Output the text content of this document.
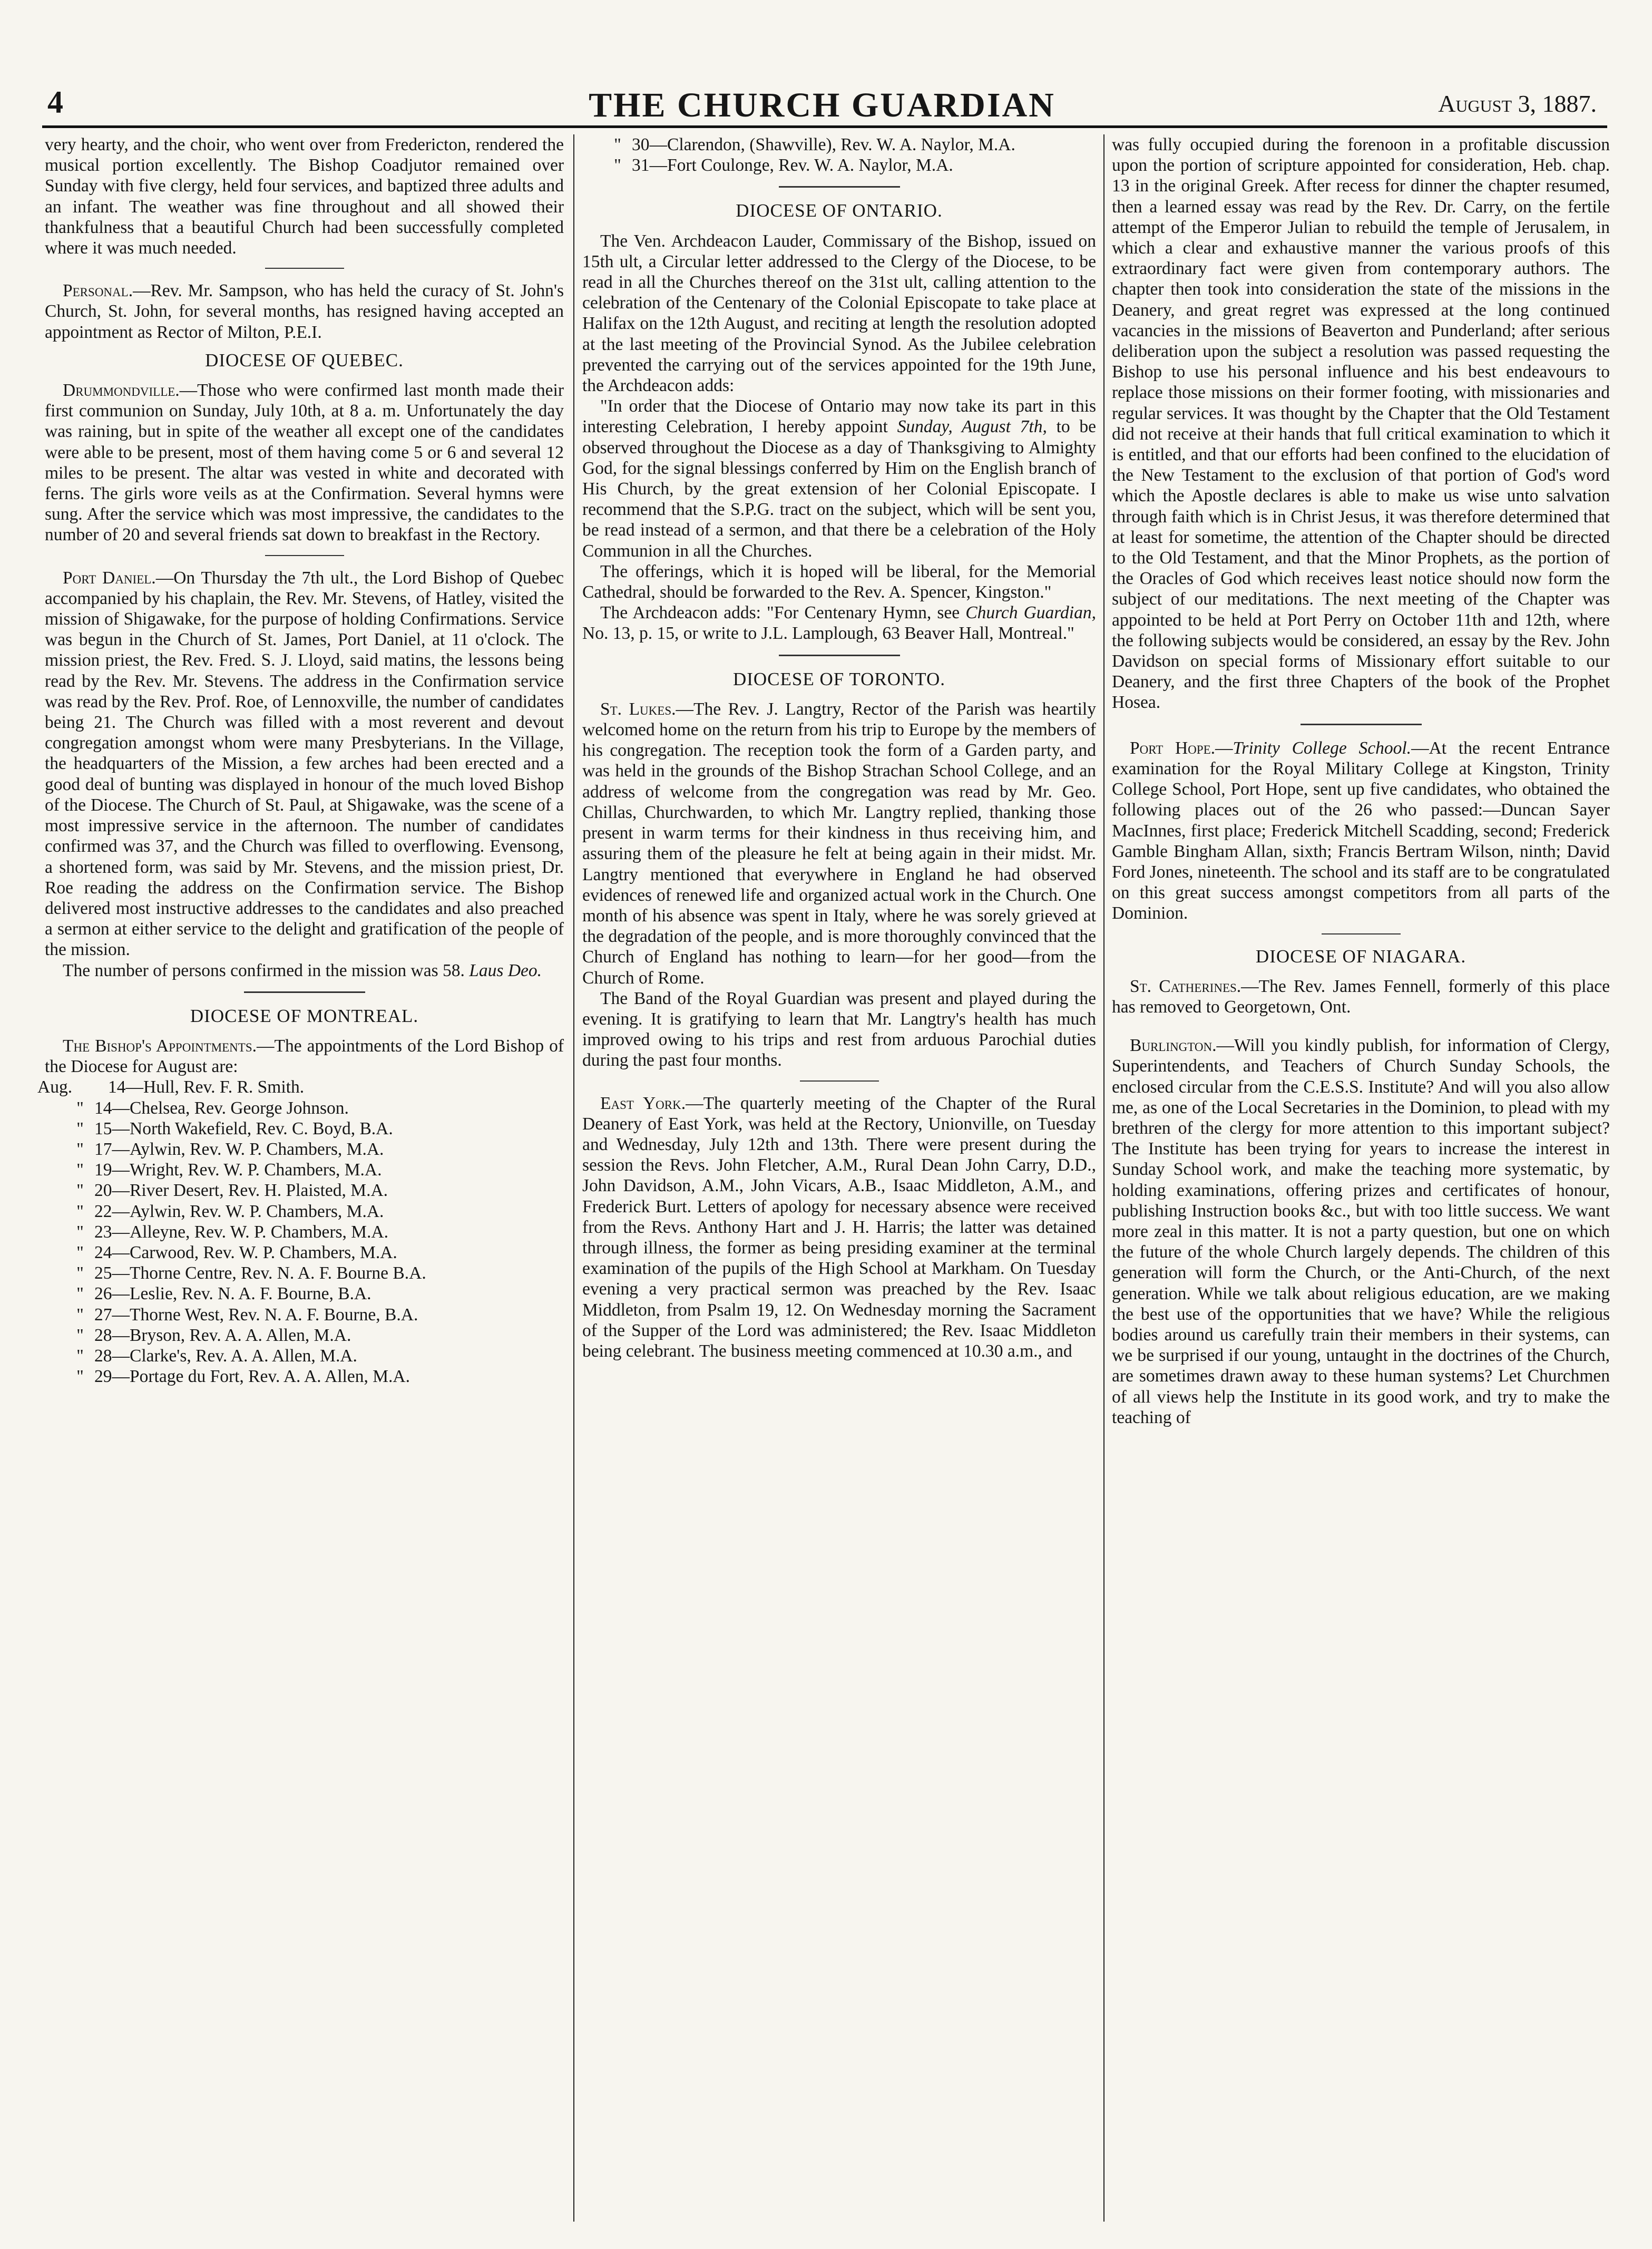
4	THE CHURCH GUARDIAN	August 3, 1887.

very hearty, and the choir, who went over from Fredericton, rendered the musical portion excellently. The Bishop Coadjutor remained over Sunday with five clergy, held four services, and baptized three adults and an infant. The weather was fine throughout and all showed their thankfulness that a beautiful Church had been successfully completed where it was much needed.

Personal.—Rev. Mr. Sampson, who has held the curacy of St. John's Church, St. John, for several months, has resigned having accepted an appointment as Rector of Milton, P.E.I.

DIOCESE OF QUEBEC.

Drummondville.—Those who were confirmed last month made their first communion on Sunday, July 10th, at 8 a. m. Unfortunately the day was raining, but in spite of the weather all except one of the candidates were able to be present, most of them having come 5 or 6 and several 12 miles to be present. The altar was vested in white and decorated with ferns. The girls wore veils as at the Confirmation. Several hymns were sung. After the service which was most impressive, the candidates to the number of 20 and several friends sat down to breakfast in the Rectory.

Port Daniel.—On Thursday the 7th ult., the Lord Bishop of Quebec accompanied by his chaplain, the Rev. Mr. Stevens, of Hatley, visited the mission of Shigawake, for the purpose of holding Confirmations. Service was begun in the Church of St. James, Port Daniel, at 11 o'clock. The mission priest, the Rev. Fred. S. J. Lloyd, said matins, the lessons being read by the Rev. Mr. Stevens. The address in the Confirmation service was read by the Rev. Prof. Roe, of Lennoxville, the number of candidates being 21. The Church was filled with a most reverent and devout congregation amongst whom were many Presbyterians. In the Village, the headquarters of the Mission, a few arches had been erected and a good deal of bunting was displayed in honour of the much loved Bishop of the Diocese. The Church of St. Paul, at Shigawake, was the scene of a most impressive service in the afternoon. The number of candidates confirmed was 37, and the Church was filled to overflowing. Evensong, a shortened form, was said by Mr. Stevens, and the mission priest, Dr. Roe reading the address on the Confirmation service. The Bishop delivered most instructive addresses to the candidates and also preached a sermon at either service to the delight and gratification of the people of the mission.

The number of persons confirmed in the mission was 58. Laus Deo.

DIOCESE OF MONTREAL.

The Bishop's Appointments.—The appointments of the Lord Bishop of the Diocese for August are:

Aug. 14—Hull, Rev. F. R. Smith.
" 14—Chelsea, Rev. George Johnson.
" 15—North Wakefield, Rev. C. Boyd, B.A.
" 17—Aylwin, Rev. W. P. Chambers, M.A.
" 19—Wright, Rev. W. P. Chambers, M.A.
" 20—River Desert, Rev. H. Plaisted, M.A.
" 22—Aylwin, Rev. W. P. Chambers, M.A.
" 23—Alleyne, Rev. W. P. Chambers, M.A.
" 24—Carwood, Rev. W. P. Chambers, M.A.
" 25—Thorne Centre, Rev. N. A. F. Bourne B.A.
" 26—Leslie, Rev. N. A. F. Bourne, B.A.
" 27—Thorne West, Rev. N. A. F. Bourne, B.A.
" 28—Bryson, Rev. A. A. Allen, M.A.
" 28—Clarke's, Rev. A. A. Allen, M.A.
" 29—Portage du Fort, Rev. A. A. Allen, M.A.
" 30—Clarendon, (Shawville), Rev. W. A. Naylor, M.A.
" 31—Fort Coulonge, Rev. W. A. Naylor, M.A.
DIOCESE OF ONTARIO.

The Ven. Archdeacon Lauder, Commissary of the Bishop, issued on 15th ult, a Circular letter addressed to the Clergy of the Diocese, to be read in all the Churches thereof on the 31st ult, calling attention to the celebration of the Centenary of the Colonial Episcopate to take place at Halifax on the 12th August, and reciting at length the resolution adopted at the last meeting of the Provincial Synod. As the Jubilee celebration prevented the carrying out of the services appointed for the 19th June, the Archdeacon adds:

"In order that the Diocese of Ontario may now take its part in this interesting Celebration, I hereby appoint Sunday, August 7th, to be observed throughout the Diocese as a day of Thanksgiving to Almighty God, for the signal blessings conferred by Him on the English branch of His Church, by the great extension of her Colonial Episcopate. I recommend that the S.P.G. tract on the subject, which will be sent you, be read instead of a sermon, and that there be a celebration of the Holy Communion in all the Churches.

The offerings, which it is hoped will be liberal, for the Memorial Cathedral, should be forwarded to the Rev. A. Spencer, Kingston."

The Archdeacon adds: "For Centenary Hymn, see Church Guardian, No. 13, p. 15, or write to J.L. Lamplough, 63 Beaver Hall, Montreal."

DIOCESE OF TORONTO.

St. Lukes.—The Rev. J. Langtry, Rector of the Parish was heartily welcomed home on the return from his trip to Europe by the members of his congregation. The reception took the form of a Garden party, and was held in the grounds of the Bishop Strachan School College, and an address of welcome from the congregation was read by Mr. Geo. Chillas, Churchwarden, to which Mr. Langtry replied, thanking those present in warm terms for their kindness in thus receiving him, and assuring them of the pleasure he felt at being again in their midst. Mr. Langtry mentioned that everywhere in England he had observed evidences of renewed life and organized actual work in the Church. One month of his absence was spent in Italy, where he was sorely grieved at the degradation of the people, and is more thoroughly convinced that the Church of England has nothing to learn—for her good—from the Church of Rome.

The Band of the Royal Guardian was present and played during the evening. It is gratifying to learn that Mr. Langtry's health has much improved owing to his trips and rest from arduous Parochial duties during the past four months.

East York.—The quarterly meeting of the Chapter of the Rural Deanery of East York, was held at the Rectory, Unionville, on Tuesday and Wednesday, July 12th and 13th. There were present during the session the Revs. John Fletcher, A.M., Rural Dean John Carry, D.D., John Davidson, A.M., John Vicars, A.B., Isaac Middleton, A.M., and Frederick Burt. Letters of apology for necessary absence were received from the Revs. Anthony Hart and J. H. Harris; the latter was detained through illness, the former as being presiding examiner at the terminal examination of the pupils of the High School at Markham. On Tuesday evening a very practical sermon was preached by the Rev. Isaac Middleton, from Psalm 19, 12. On Wednesday morning the Sacrament of the Supper of the Lord was administered; the Rev. Isaac Middleton being celebrant. The business meeting commenced at 10.30 a.m., and

was fully occupied during the forenoon in a profitable discussion upon the portion of scripture appointed for consideration, Heb. chap. 13 in the original Greek. After recess for dinner the chapter resumed, then a learned essay was read by the Rev. Dr. Carry, on the fertile attempt of the Emperor Julian to rebuild the temple of Jerusalem, in which a clear and exhaustive manner the various proofs of this extraordinary fact were given from contemporary authors. The chapter then took into consideration the state of the missions in the Deanery, and great regret was expressed at the long continued vacancies in the missions of Beaverton and Punderland; after serious deliberation upon the subject a resolution was passed requesting the Bishop to use his personal influence and his best endeavours to replace those missions on their former footing, with missionaries and regular services. It was thought by the Chapter that the Old Testament did not receive at their hands that full critical examination to which it is entitled, and that our efforts had been confined to the elucidation of the New Testament to the exclusion of that portion of God's word which the Apostle declares is able to make us wise unto salvation through faith which is in Christ Jesus, it was therefore determined that at least for sometime, the attention of the Chapter should be directed to the Old Testament, and that the Minor Prophets, as the portion of the Oracles of God which receives least notice should now form the subject of our meditations. The next meeting of the Chapter was appointed to be held at Port Perry on October 11th and 12th, where the following subjects would be considered, an essay by the Rev. John Davidson on special forms of Missionary effort suitable to our Deanery, and the first three Chapters of the book of the Prophet Hosea.

Port Hope.—Trinity College School.—At the recent Entrance examination for the Royal Military College at Kingston, Trinity College School, Port Hope, sent up five candidates, who obtained the following places out of the 26 who passed:—Duncan Sayer MacInnes, first place; Frederick Mitchell Scadding, second; Frederick Gamble Bingham Allan, sixth; Francis Bertram Wilson, ninth; David Ford Jones, nineteenth. The school and its staff are to be congratulated on this great success amongst competitors from all parts of the Dominion.

DIOCESE OF NIAGARA.

St. Catherines.—The Rev. James Fennell, formerly of this place has removed to Georgetown, Ont.

Burlington.—Will you kindly publish, for information of Clergy, Superintendents, and Teachers of Church Sunday Schools, the enclosed circular from the C.E.S.S. Institute? And will you also allow me, as one of the Local Secretaries in the Dominion, to plead with my brethren of the clergy for more attention to this important subject? The Institute has been trying for years to increase the interest in Sunday School work, and make the teaching more systematic, by holding examinations, offering prizes and certificates of honour, publishing Instruction books &c., but with too little success. We want more zeal in this matter. It is not a party question, but one on which the future of the whole Church largely depends. The children of this generation will form the Church, or the Anti-Church, of the next generation. While we talk about religious education, are we making the best use of the opportunities that we have? While the religious bodies around us carefully train their members in their systems, can we be surprised if our young, untaught in the doctrines of the Church, are sometimes drawn away to these human systems? Let Churchmen of all views help the Institute in its good work, and try to make the teaching of
